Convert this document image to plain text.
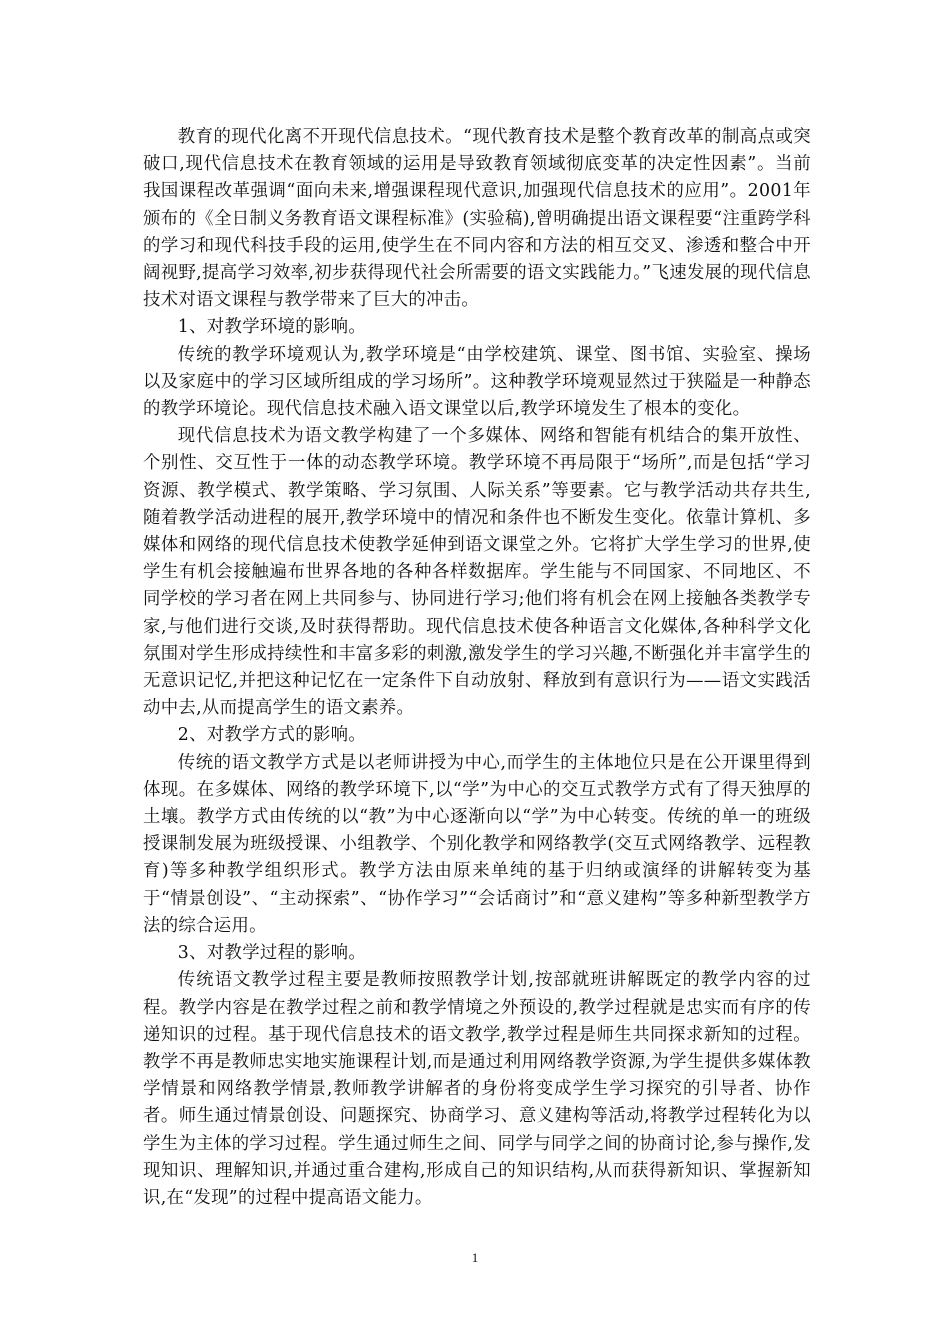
教育的现代化离不开现代信息技术。“现代教育技术是整个教育改革的制高点或突破口,现代信息技术在教育领域的运用是导致教育领域彻底变革的决定性因素”。当前我国课程改革强调“面向未来,增强课程现代意识,加强现代信息技术的应用”。2001年颁布的《全日制义务教育语文课程标准》(实验稿),曾明确提出语文课程要“注重跨学科的学习和现代科技手段的运用,使学生在不同内容和方法的相互交叉、渗透和整合中开阔视野,提高学习效率,初步获得现代社会所需要的语文实践能力。”飞速发展的现代信息技术对语文课程与教学带来了巨大的冲击。

1、对教学环境的影响。

传统的教学环境观认为,教学环境是“由学校建筑、课堂、图书馆、实验室、操场以及家庭中的学习区域所组成的学习场所”。这种教学环境观显然过于狭隘是一种静态的教学环境论。现代信息技术融入语文课堂以后,教学环境发生了根本的变化。

现代信息技术为语文教学构建了一个多媒体、网络和智能有机结合的集开放性、个别性、交互性于一体的动态教学环境。教学环境不再局限于“场所”,而是包括“学习资源、教学模式、教学策略、学习氛围、人际关系”等要素。它与教学活动共存共生,随着教学活动进程的展开,教学环境中的情况和条件也不断发生变化。依靠计算机、多媒体和网络的现代信息技术使教学延伸到语文课堂之外。它将扩大学生学习的世界,使学生有机会接触遍布世界各地的各种各样数据库。学生能与不同国家、不同地区、不同学校的学习者在网上共同参与、协同进行学习;他们将有机会在网上接触各类教学专家,与他们进行交谈,及时获得帮助。现代信息技术使各种语言文化媒体,各种科学文化氛围对学生形成持续性和丰富多彩的刺激,激发学生的学习兴趣,不断强化并丰富学生的无意识记忆,并把这种记忆在一定条件下自动放射、释放到有意识行为——语文实践活动中去,从而提高学生的语文素养。

2、对教学方式的影响。

传统的语文教学方式是以老师讲授为中心,而学生的主体地位只是在公开课里得到体现。在多媒体、网络的教学环境下,以“学”为中心的交互式教学方式有了得天独厚的土壤。教学方式由传统的以“教”为中心逐渐向以“学”为中心转变。传统的单一的班级授课制发展为班级授课、小组教学、个别化教学和网络教学(交互式网络教学、远程教育)等多种教学组织形式。教学方法由原来单纯的基于归纳或演绎的讲解转变为基于“情景创设”、“主动探索”、“协作学习”“会话商讨”和“意义建构”等多种新型教学方法的综合运用。

3、对教学过程的影响。

传统语文教学过程主要是教师按照教学计划,按部就班讲解既定的教学内容的过程。教学内容是在教学过程之前和教学情境之外预设的,教学过程就是忠实而有序的传递知识的过程。基于现代信息技术的语文教学,教学过程是师生共同探求新知的过程。教学不再是教师忠实地实施课程计划,而是通过利用网络教学资源,为学生提供多媒体教学情景和网络教学情景,教师教学讲解者的身份将变成学生学习探究的引导者、协作者。师生通过情景创设、问题探究、协商学习、意义建构等活动,将教学过程转化为以学生为主体的学习过程。学生通过师生之间、同学与同学之间的协商讨论,参与操作,发现知识、理解知识,并通过重合建构,形成自己的知识结构,从而获得新知识、掌握新知识,在“发现”的过程中提高语文能力。

1
